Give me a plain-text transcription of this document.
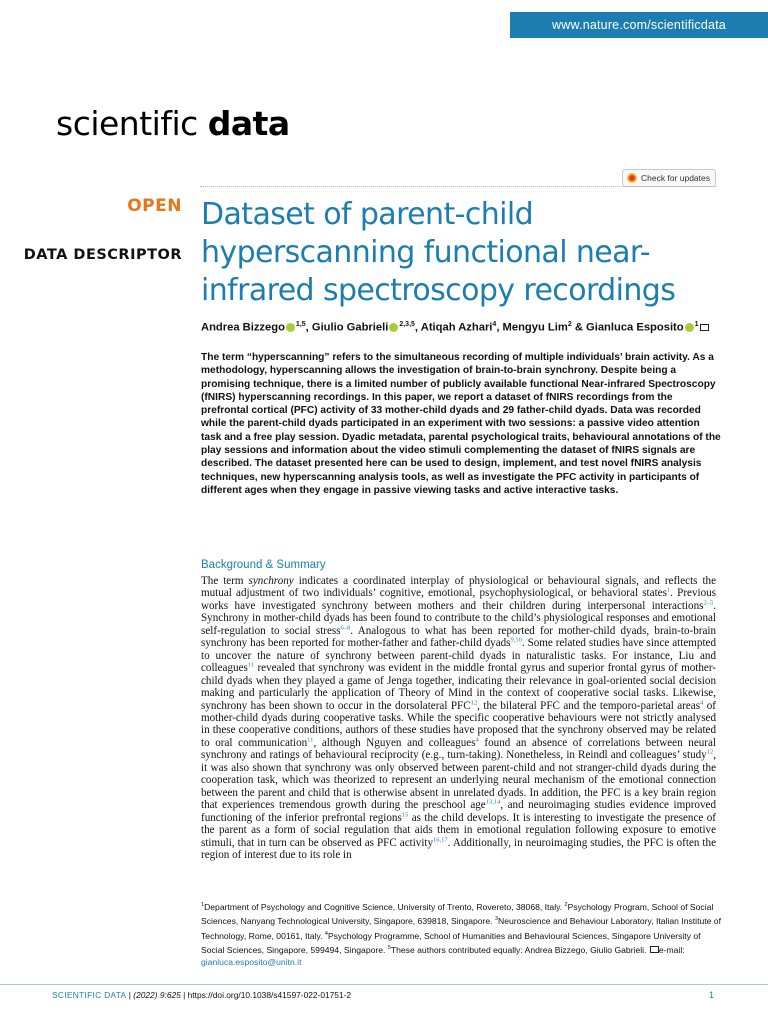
www.nature.com/scientificdata
scientific data
Check for updates
OPEN
DATA DESCRIPTOR
Dataset of parent-child hyperscanning functional near-infrared spectroscopy recordings
Andrea Bizzego $^{1,5}$, Giulio Gabrieli $^{2,3,5}$, Atiqah Azhari$^4$, Mengyu Lim$^2$ & Gianluca Esposito $^1$

The term “hyperscanning” refers to the simultaneous recording of multiple individuals’ brain activity. As a methodology, hyperscanning allows the investigation of brain-to-brain synchrony. Despite being a promising technique, there is a limited number of publicly available functional Near-infrared Spectroscopy (fNIRS) hyperscanning recordings. In this paper, we report a dataset of fNIRS recordings from the prefrontal cortical (PFC) activity of 33 mother-child dyads and 29 father-child dyads. Data was recorded while the parent-child dyads participated in an experiment with two sessions: a passive video attention task and a free play session. Dyadic metadata, parental psychological traits, behavioural annotations of the play sessions and information about the video stimuli complementing the dataset of fNIRS signals are described. The dataset presented here can be used to design, implement, and test novel fNIRS analysis techniques, new hyperscanning analysis tools, as well as investigate the PFC activity in participants of different ages when they engage in passive viewing tasks and active interactive tasks.

Background & Summary

The term synchrony indicates a coordinated interplay of physiological or behavioural signals, and reflects the mutual adjustment of two individuals’ cognitive, emotional, psychophysiological, or behavioral states$^1$. Previous works have investigated synchrony between mothers and their children during interpersonal interactions$^{2-5}$. Synchrony in mother-child dyads has been found to contribute to the child’s physiological responses and emotional self-regulation to social stress$^{6-8}$. Analogous to what has been reported for mother-child dyads, brain-to-brain synchrony has been reported for mother-father and father-child dyads$^{9,10}$. Some related studies have since attempted to uncover the nature of synchrony between parent-child dyads in naturalistic tasks. For instance, Liu and colleagues$^{11}$ revealed that synchrony was evident in the middle frontal gyrus and superior frontal gyrus of mother-child dyads when they played a game of Jenga together, indicating their relevance in goal-oriented social decision making and particularly the application of Theory of Mind in the context of cooperative social tasks. Likewise, synchrony has been shown to occur in the dorsolateral PFC$^{12}$, the bilateral PFC and the temporo-parietal areas$^4$ of mother-child dyads during cooperative tasks. While the specific cooperative behaviours were not strictly analysed in these cooperative conditions, authors of these studies have proposed that the synchrony observed may be related to oral communication$^{11}$, although Nguyen and colleagues$^4$ found an absence of correlations between neural synchrony and ratings of behavioural reciprocity (e.g., turn-taking). Nonetheless, in Reindl and colleagues’ study$^{12}$, it was also shown that synchrony was only observed between parent-child and not stranger-child dyads during the cooperation task, which was theorized to represent an underlying neural mechanism of the emotional connection between the parent and child that is otherwise absent in unrelated dyads. In addition, the PFC is a key brain region that experiences tremendous growth during the preschool age$^{13,14}$, and neuroimaging studies evidence improved functioning of the inferior prefrontal regions$^{15}$ as the child develops. It is interesting to investigate the presence of the parent as a form of social regulation that aids them in emotional regulation following exposure to emotive stimuli, that in turn can be observed as PFC activity$^{16,17}$. Additionally, in neuroimaging studies, the PFC is often the region of interest due to its role in

$^1$Department of Psychology and Cognitive Science, University of Trento, Rovereto, 38068, Italy. $^2$Psychology Program, School of Social Sciences, Nanyang Technological University, Singapore, 639818, Singapore. $^3$Neuroscience and Behaviour Laboratory, Italian Institute of Technology, Rome, 00161, Italy. $^4$Psychology Programme, School of Humanities and Behavioural Sciences, Singapore University of Social Sciences, Singapore, 599494, Singapore. $^5$These authors contributed equally: Andrea Bizzego, Giulio Gabrieli. e-mail: gianluca.esposito@unitn.it

SCIENTIFIC DATA | (2022) 9:625 | https://doi.org/10.1038/s41597-022-01751-2	1
